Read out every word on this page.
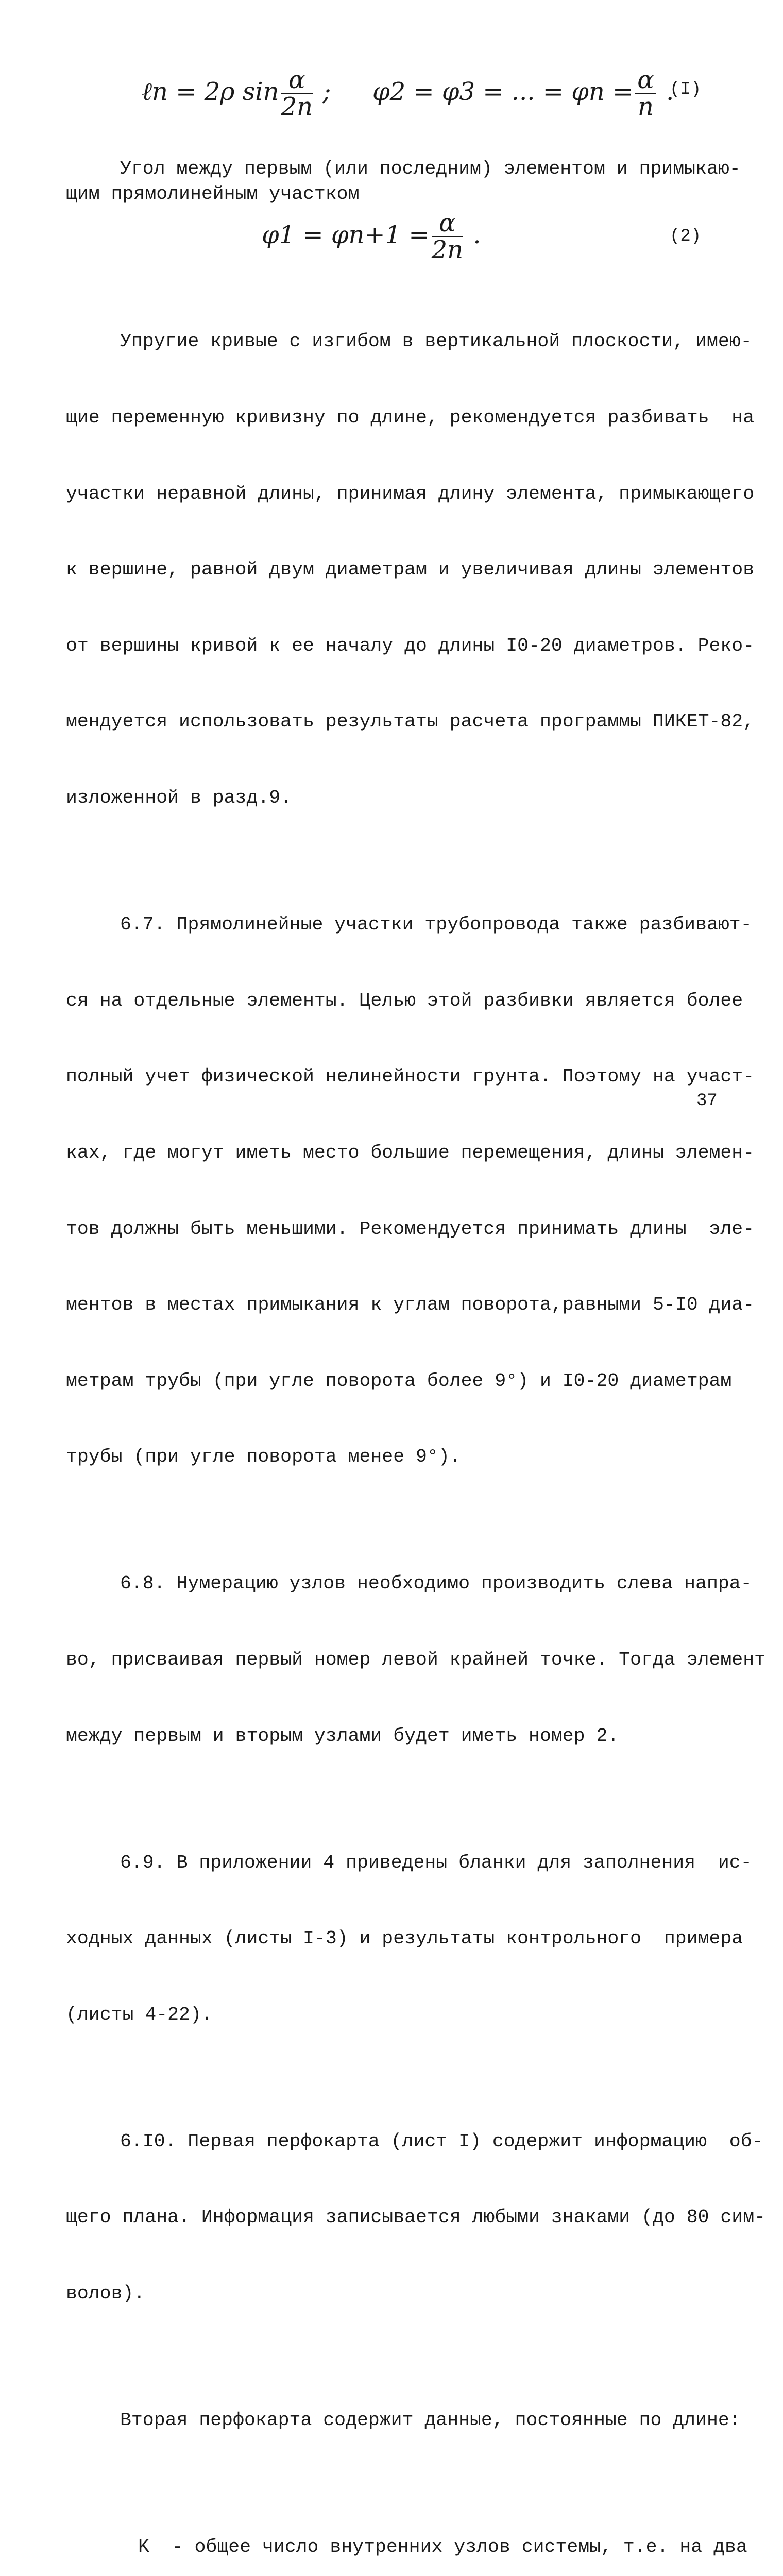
ℓn = 2ρ $\sin \frac{\alpha}{2n}$ ; φ2 = φ3 = ... = $\varphi n = \frac{\alpha}{n}$ .
(I)
Угол между первым (или последним) элементом и примыкаю-
щим прямолинейным участком
$\varphi 1 = \varphi n+1 = \frac{\alpha}{2n}$ .	(2)

Упругие кривые с изгибом в вертикальной плоскости, имею-

щие переменную кривизну по длине, рекомендуется разбивать  на

участки неравной длины, принимая длину элемента, примыкающего

к вершине, равной двум диаметрам и увеличивая длины элементов

от вершины кривой к ее началу до длины I0-20 диаметров. Реко-

мендуется использовать результаты расчета программы ПИКЕТ-82,

изложенной в разд.9.

6.7. Прямолинейные участки трубопровода также разбивают-

ся на отдельные элементы. Целью этой разбивки является более

полный учет физической нелинейности грунта. Поэтому на участ-

ках, где могут иметь место большие перемещения, длины элемен-

тов должны быть меньшими. Рекомендуется принимать длины  эле-

ментов в местах примыкания к углам поворота,равными 5-I0 диа-

метрам трубы (при угле поворота более 9°) и I0-20 диаметрам

трубы (при угле поворота менее 9°).

6.8. Нумерацию узлов необходимо производить слева напра-

во, присваивая первый номер левой крайней точке. Тогда элемент

между первым и вторым узлами будет иметь номер 2.

6.9. В приложении 4 приведены бланки для заполнения  ис-

ходных данных (листы I-3) и результаты контрольного  примера

(листы 4-22).

6.I0. Первая перфокарта (лист I) содержит информацию  об-

щего плана. Информация записывается любыми знаками (до 80 сим-

волов).

Вторая перфокарта содержит данные, постоянные по длине:

K  - общее число внутренних узлов системы, т.е. на два

37
